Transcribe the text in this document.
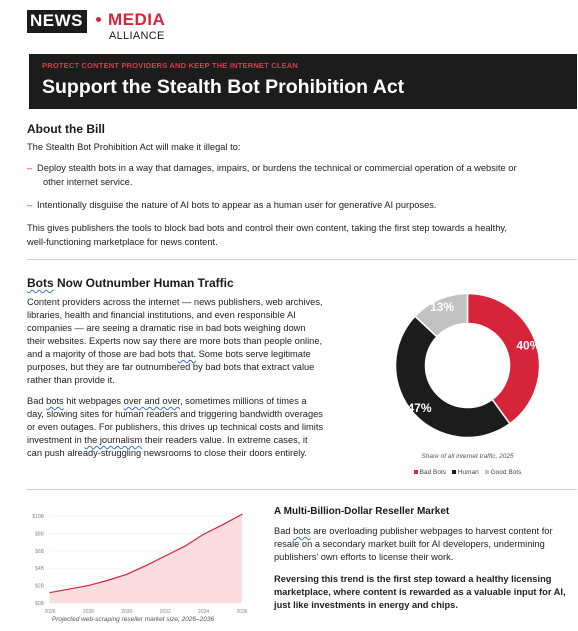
NEWS MEDIA
ALLIANCE
PROTECT CONTENT PROVIDERS AND KEEP THE INTERNET CLEAN
Support the Stealth Bot Prohibition Act
About the Bill
The Stealth Bot Prohibition Act will make it illegal to:
– Deploy stealth bots in a way that damages, impairs, or burdens the technical or commercial operation of a website or
other internet service.
– Intentionally disguise the nature of AI bots to appear as a human user for generative AI purposes.
This gives publishers the tools to block bad bots and control their own content, taking the first step towards a healthy,
well-functioning marketplace for news content.
Bots Now Outnumber Human Traffic
Content providers across the internet — news publishers, web archives,
libraries, health and financial institutions, and even responsible AI
companies — are seeing a dramatic rise in bad bots weighing down
their websites. Experts now say there are more bots than people online,
and a majority of those are bad bots that. Some bots serve legitimate
purposes, but they are far outnumbered by bad bots that extract value
rather than provide it.
Bad bots hit webpages over and over, sometimes millions of times a
day, slowing sites for human readers and triggering bandwidth overages
or even outages. For publishers, this drives up technical costs and limits
investment in the journalism their readers value. In extreme cases, it
can push already-struggling newsrooms to close their doors entirely.
40%
47%
13%
Share of all internet traffic, 2025
Bad Bots Human Good Bots
$0B
$2B
$4B
$6B
$8B
$10B
2026	2028	2030	2032	2034	2036
Projected web-scraping reseller market size, 2026–2036
A Multi-Billion-Dollar Reseller Market
Bad bots are overloading publisher webpages to harvest content for
resale on a secondary market built for AI developers, undermining
publishers' own efforts to license their work.
Reversing this trend is the first step toward a healthy licensing
marketplace, where content is rewarded as a valuable input for AI,
just like investments in energy and chips.
